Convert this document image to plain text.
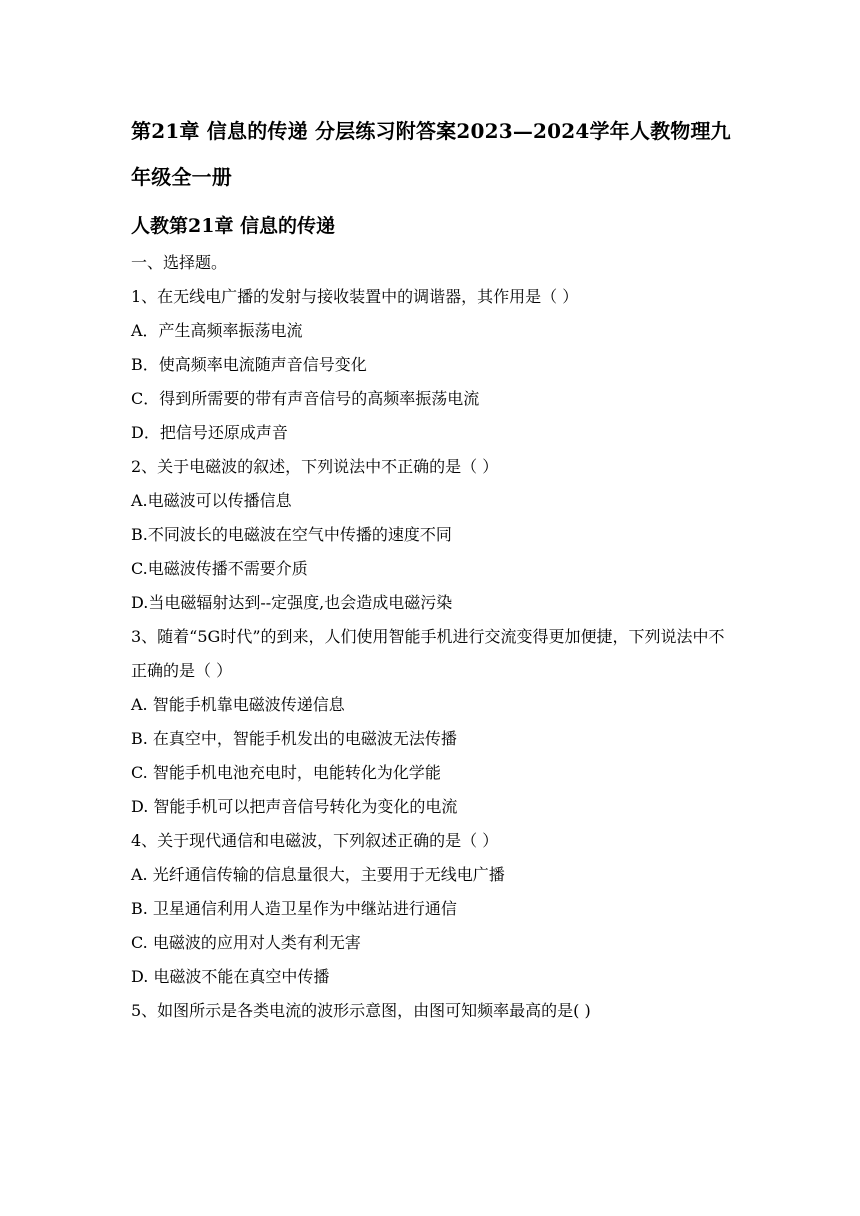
第21章 信息的传递 分层练习附答案2023—2024学年人教物理九年级全一册
人教第21章 信息的传递
一、选择题。
1、在无线电广播的发射与接收装置中的调谐器，其作用是（ ）
A．产生高频率振荡电流
B．使高频率电流随声音信号变化
C．得到所需要的带有声音信号的高频率振荡电流
D．把信号还原成声音
2、关于电磁波的叙述，下列说法中不正确的是（ ）
A.电磁波可以传播信息
B.不同波长的电磁波在空气中传播的速度不同
C.电磁波传播不需要介质
D.当电磁辐射达到--定强度,也会造成电磁污染
3、随着“5G时代”的到来，人们使用智能手机进行交流变得更加便捷，下列说法中不正确的是（ ）
A. 智能手机靠电磁波传递信息
B. 在真空中，智能手机发出的电磁波无法传播
C. 智能手机电池充电时，电能转化为化学能
D. 智能手机可以把声音信号转化为变化的电流
4、关于现代通信和电磁波，下列叙述正确的是（ ）
A. 光纤通信传输的信息量很大，主要用于无线电广播
B. 卫星通信利用人造卫星作为中继站进行通信
C. 电磁波的应用对人类有利无害
D. 电磁波不能在真空中传播
5、如图所示是各类电流的波形示意图，由图可知频率最高的是( )
